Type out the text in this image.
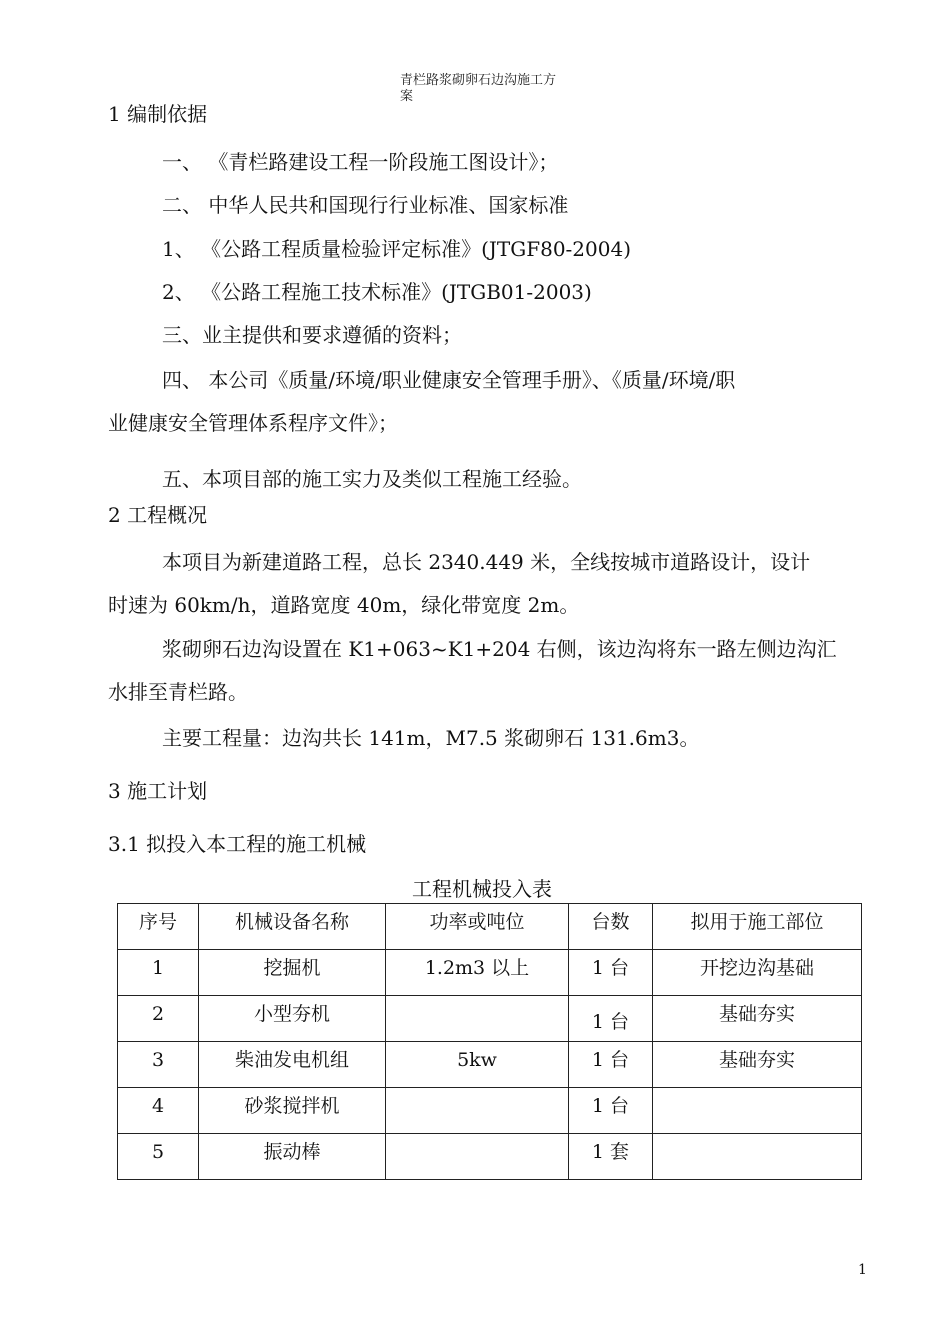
青栏路浆砌卵石边沟施工方
案
1 编制依据
一、 《青栏路建设工程一阶段施工图设计》；
二、 中华人民共和国现行行业标准、国家标准
1、 《公路工程质量检验评定标准》(JTGF80-2004)
2、 《公路工程施工技术标准》(JTGB01-2003)
三、业主提供和要求遵循的资料；
四、 本公司《质量/环境/职业健康安全管理手册》、《质量/环境/职
业健康安全管理体系程序文件》；
五、本项目部的施工实力及类似工程施工经验。
2 工程概况
本项目为新建道路工程，总长 2340.449 米，全线按城市道路设计，设计
时速为 60km/h，道路宽度 40m，绿化带宽度 2m。
浆砌卵石边沟设置在 K1+063~K1+204 右侧，该边沟将东一路左侧边沟汇
水排至青栏路。
主要工程量：边沟共长 141m，M7.5 浆砌卵石 131.6m3。
3 施工计划
3.1 拟投入本工程的施工机械
工程机械投入表
序号	机械设备名称	功率或吨位	台数	拟用于施工部位
1	挖掘机	1.2m3 以上	1 台	开挖边沟基础
2	小型夯机		1 台	基础夯实
3	柴油发电机组	5kw	1 台	基础夯实
4	砂浆搅拌机		1 台	
5	振动棒		1 套	
1
